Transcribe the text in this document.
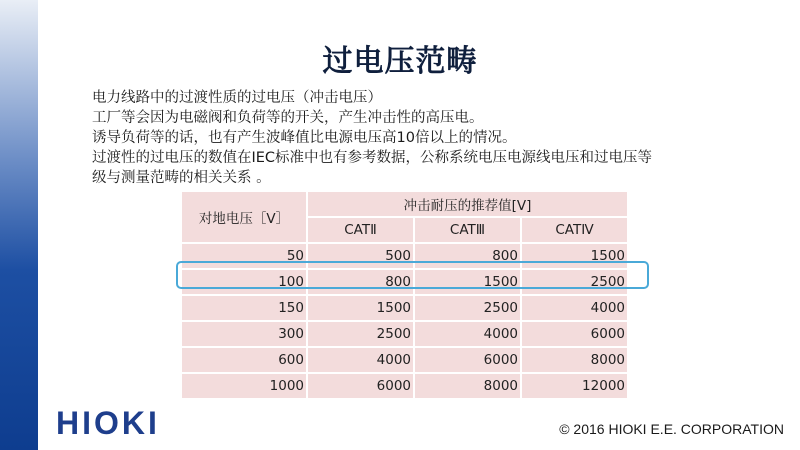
过电压范畴
电力线路中的过渡性质的过电压（冲击电压）
工厂等会因为电磁阀和负荷等的开关，产生冲击性的高压电。
诱导负荷等的话，也有产生波峰值比电源电压高10倍以上的情况。
过渡性的过电压的数值在IEC标准中也有参考数据，公称系统电压电源线电压和过电压等
级与测量范畴的相关关系 。
对地电压［V］	冲击耐压的推荐值[V]		
	CATⅡ	CATⅢ	CATⅣ
50	500	800	1500
100	800	1500	2500
150	1500	2500	4000
300	2500	4000	6000
600	4000	6000	8000
1000	6000	8000	12000
HIOKI	© 2016 HIOKI E.E. CORPORATION
